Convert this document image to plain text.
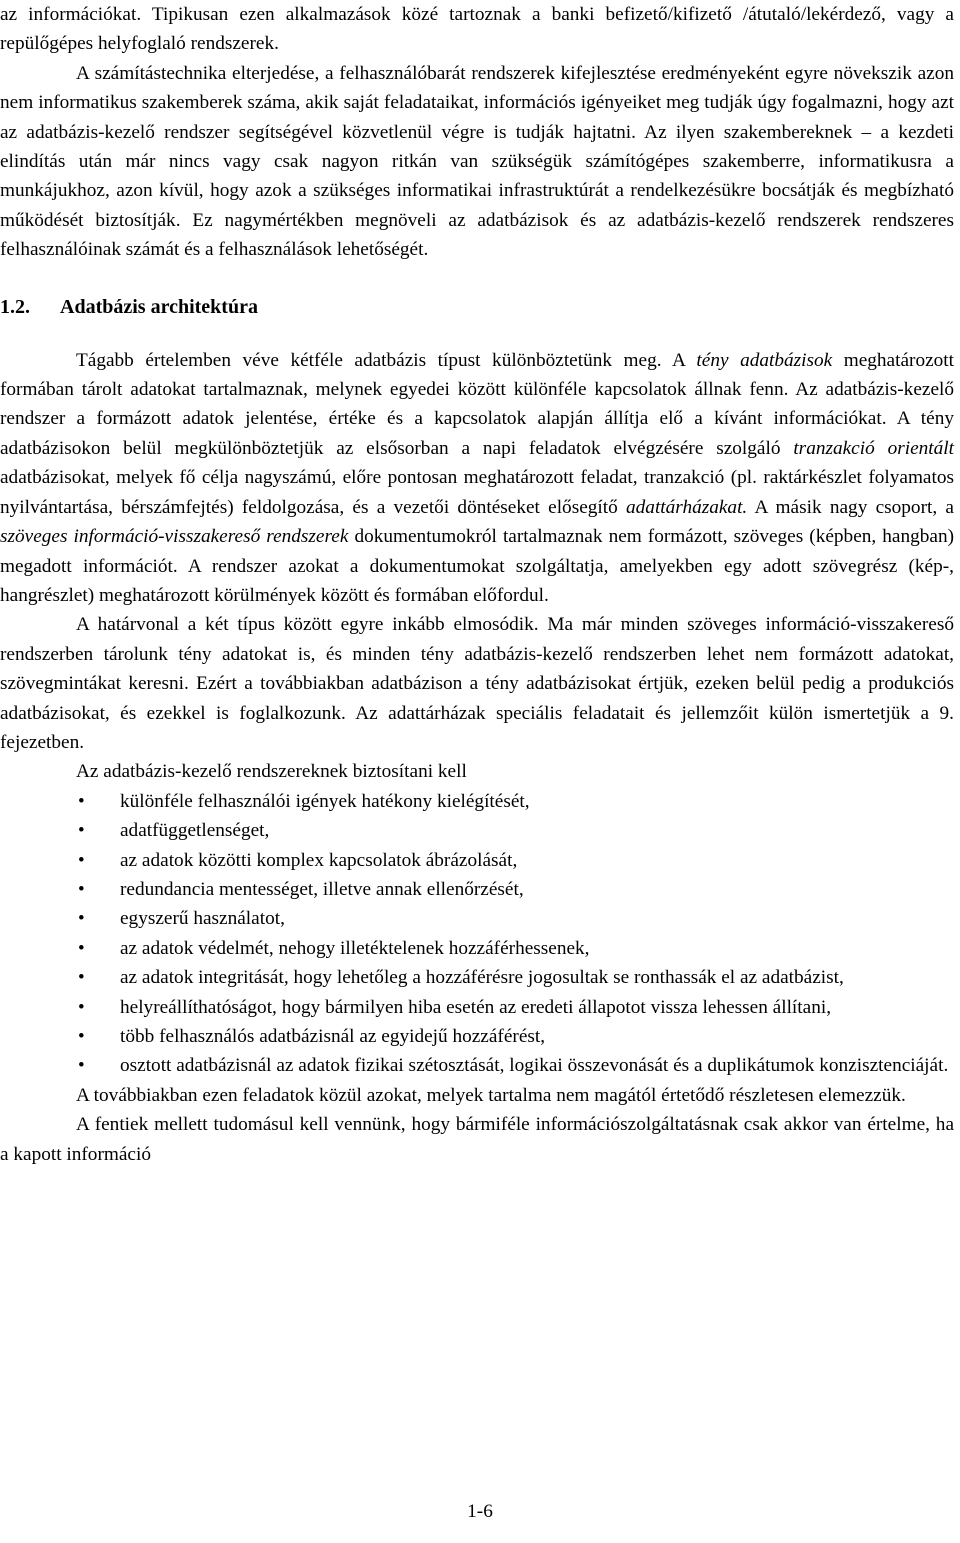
az információkat. Tipikusan ezen alkalmazások közé tartoznak a banki befizető/kifizető /átutaló/lekérdező, vagy a repülőgépes helyfoglaló rendszerek.

A számítástechnika elterjedése, a felhasználóbarát rendszerek kifejlesztése eredményeként egyre növekszik azon nem informatikus szakemberek száma, akik saját feladataikat, információs igényeiket meg tudják úgy fogalmazni, hogy azt az adatbázis-kezelő rendszer segítségével közvetlenül végre is tudják hajtatni. Az ilyen szakembereknek – a kezdeti elindítás után már nincs vagy csak nagyon ritkán van szükségük számítógépes szakemberre, informatikusra a munkájukhoz, azon kívül, hogy azok a szükséges informatikai infrastruktúrát a rendelkezésükre bocsátják és megbízható működését biztosítják. Ez nagymértékben megnöveli az adatbázisok és az adatbázis-kezelő rendszerek rendszeres felhasználóinak számát és a felhasználások lehetőségét.

1.2. Adatbázis architektúra

Tágabb értelemben véve kétféle adatbázis típust különböztetünk meg. A tény adatbázisok meghatározott formában tárolt adatokat tartalmaznak, melynek egyedei között különféle kapcsolatok állnak fenn. Az adatbázis-kezelő rendszer a formázott adatok jelentése, értéke és a kapcsolatok alapján állítja elő a kívánt információkat. A tény adatbázisokon belül megkülönböztetjük az elsősorban a napi feladatok elvégzésére szolgáló tranzakció orientált adatbázisokat, melyek fő célja nagyszámú, előre pontosan meghatározott feladat, tranzakció (pl. raktárkészlet folyamatos nyilvántartása, bérszámfejtés) feldolgozása, és a vezetői döntéseket elősegítő adattárházakat. A másik nagy csoport, a szöveges információ-visszakereső rendszerek dokumentumokról tartalmaznak nem formázott, szöveges (képben, hangban) megadott információt. A rendszer azokat a dokumentumokat szolgáltatja, amelyekben egy adott szövegrész (kép-, hangrészlet) meghatározott körülmények között és formában előfordul.

A határvonal a két típus között egyre inkább elmosódik. Ma már minden szöveges információ-visszakereső rendszerben tárolunk tény adatokat is, és minden tény adatbázis-kezelő rendszerben lehet nem formázott adatokat, szövegmintákat keresni. Ezért a továbbiakban adatbázison a tény adatbázisokat értjük, ezeken belül pedig a produkciós adatbázisokat, és ezekkel is foglalkozunk. Az adattárházak speciális feladatait és jellemzőit külön ismertetjük a 9. fejezetben.

Az adatbázis-kezelő rendszereknek biztosítani kell

• különféle felhasználói igények hatékony kielégítését,
• adatfüggetlenséget,
• az adatok közötti komplex kapcsolatok ábrázolását,
• redundancia mentességet, illetve annak ellenőrzését,
• egyszerű használatot,
• az adatok védelmét, nehogy illetéktelenek hozzáférhessenek,
• az adatok integritását, hogy lehetőleg a hozzáférésre jogosultak se ronthassák el az adatbázist,
• helyreállíthatóságot, hogy bármilyen hiba esetén az eredeti állapotot vissza lehessen állítani,
• több felhasználós adatbázisnál az egyidejű hozzáférést,
• osztott adatbázisnál az adatok fizikai szétosztását, logikai összevonását és a duplikátumok konzisztenciáját.

A továbbiakban ezen feladatok közül azokat, melyek tartalma nem magától értetődő részletesen elemezzük.

A fentiek mellett tudomásul kell vennünk, hogy bármiféle információszolgáltatásnak csak akkor van értelme, ha a kapott információ

1-6
